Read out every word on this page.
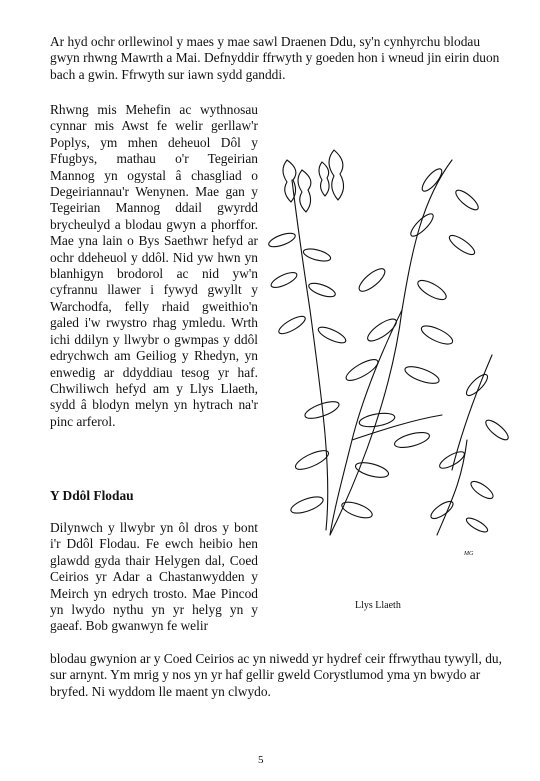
Ar hyd ochr orllewinol y maes y mae sawl Draenen Ddu, sy'n cynhyrchu blodau
gwyn rhwng Mawrth a Mai. Defnyddir ffrwyth y goeden hon i wneud jin eirin duon
bach a gwin. Ffrwyth sur iawn sydd ganddi.

Rhwng mis Mehefin ac wythnosau cynnar mis Awst fe welir gerllaw'r Poplys, ym mhen deheuol Dôl y Ffugbys, mathau o'r Tegeirian Mannog yn ogystal â chasgliad o Degeiriannau'r Wenynen. Mae gan y Tegeirian Mannog ddail gwyrdd brycheulyd a blodau gwyn a phorffor. Mae yna lain o Bys Saethwr hefyd ar ochr ddeheuol y ddôl. Nid yw hwn yn blanhigyn brodorol ac nid yw'n cyfrannu llawer i fywyd gwyllt y Warchodfa, felly rhaid gweithio'n galed i'w rwystro rhag ymledu. Wrth ichi ddilyn y llwybr o gwmpas y ddôl edrychwch am Geiliog y Rhedyn, yn enwedig ar ddyddiau tesog yr haf. Chwiliwch hefyd am y Llys Llaeth, sydd â blodyn melyn yn hytrach na'r pinc arferol.

Y Ddôl Flodau

Dilynwch y llwybr yn ôl dros y bont i'r Ddôl Flodau. Fe ewch heibio hen glawdd gyda thair Helygen dal, Coed Ceirios yr Adar a Chastanwydden y Meirch yn edrych trosto. Mae Pincod yn lwydo nythu yn yr helyg yn y gaeaf. Bob gwanwyn fe welir

blodau gwynion ar y Coed Ceirios ac yn niwedd yr hydref ceir ffrwythau tywyll, du,
sur arnynt. Ym mrig y nos yn yr haf gellir gweld Corystlumod yma yn bwydo ar
bryfed. Ni wyddom lle maent yn clwydo.

MG
Llys Llaeth
5
